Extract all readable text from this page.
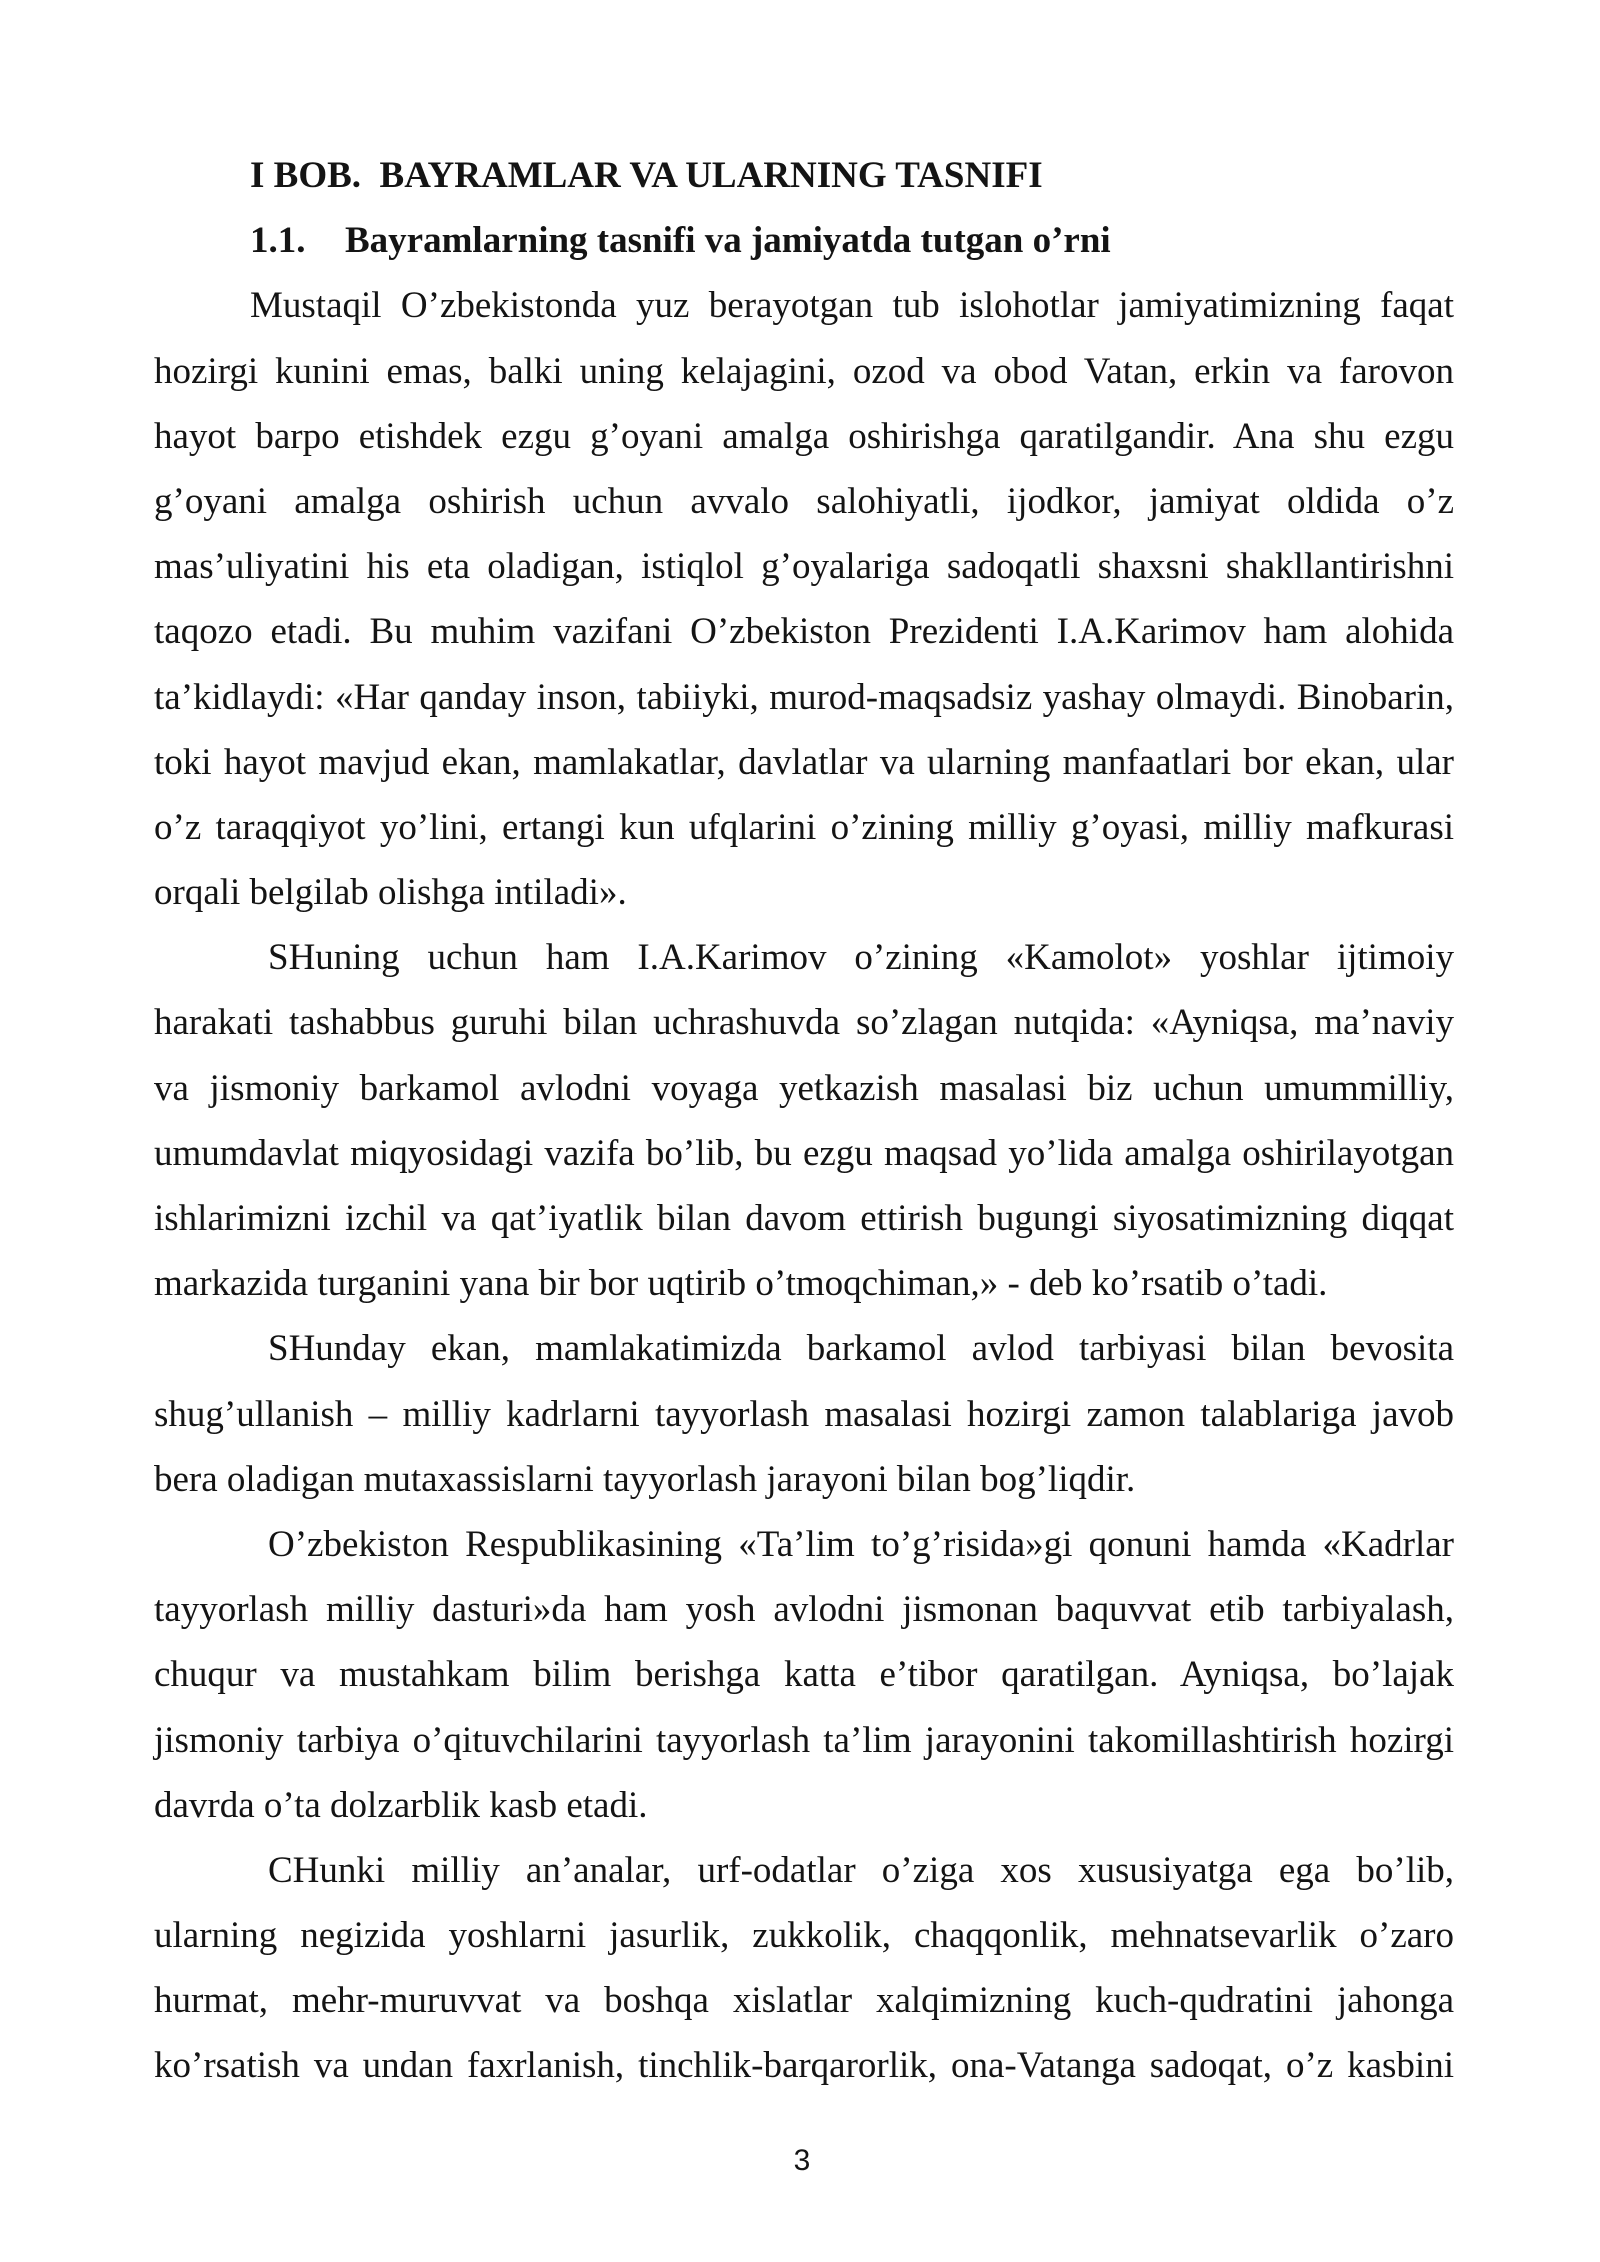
I BOB.  BAYRAMLAR VA ULARNING TASNIFI
1.1. Bayramlarning tasnifi va jamiyatda tutgan o’rni
Mustaqil O’zbekistonda yuz berayotgan tub islohotlar jamiyatimizning faqat
hozirgi kunini emas, balki uning kelajagini, ozod va obod Vatan, erkin va farovon
hayot barpo etishdek ezgu g’oyani amalga oshirishga qaratilgandir. Ana shu ezgu
g’oyani amalga oshirish uchun avvalo salohiyatli, ijodkor, jamiyat oldida o’z
mas’uliyatini his eta oladigan, istiqlol g’oyalariga sadoqatli shaxsni shakllantirishni
taqozo etadi. Bu muhim vazifani O’zbekiston Prezidenti I.A.Karimov ham alohida
ta’kidlaydi: «Har qanday inson, tabiiyki, murod-maqsadsiz yashay olmaydi. Binobarin,
toki hayot mavjud ekan, mamlakatlar, davlatlar va ularning manfaatlari bor ekan, ular
o’z taraqqiyot yo’lini, ertangi kun ufqlarini o’zining milliy g’oyasi, milliy mafkurasi
orqali belgilab olishga intiladi».
SHuning uchun ham I.A.Karimov o’zining «Kamolot» yoshlar ijtimoiy
harakati tashabbus guruhi bilan uchrashuvda so’zlagan nutqida: «Ayniqsa, ma’naviy
va jismoniy barkamol avlodni voyaga yetkazish masalasi biz uchun umummilliy,
umumdavlat miqyosidagi vazifa bo’lib, bu ezgu maqsad yo’lida amalga oshirilayotgan
ishlarimizni izchil va qat’iyatlik bilan davom ettirish bugungi siyosatimizning diqqat
markazida turganini yana bir bor uqtirib o’tmoqchiman,» - deb ko’rsatib o’tadi.
SHunday ekan, mamlakatimizda barkamol avlod tarbiyasi bilan bevosita
shug’ullanish – milliy kadrlarni tayyorlash masalasi hozirgi zamon talablariga javob
bera oladigan mutaxassislarni tayyorlash jarayoni bilan bog’liqdir.
O’zbekiston Respublikasining «Ta’lim to’g’risida»gi qonuni hamda «Kadrlar
tayyorlash milliy dasturi»da ham yosh avlodni jismonan baquvvat etib tarbiyalash,
chuqur va mustahkam bilim berishga katta e’tibor qaratilgan. Ayniqsa, bo’lajak
jismoniy tarbiya o’qituvchilarini tayyorlash ta’lim jarayonini takomillashtirish hozirgi
davrda o’ta dolzarblik kasb etadi.
CHunki milliy an’analar, urf-odatlar o’ziga xos xususiyatga ega bo’lib,
ularning negizida yoshlarni jasurlik, zukkolik, chaqqonlik, mehnatsevarlik o’zaro
hurmat, mehr-muruvvat va boshqa xislatlar xalqimizning kuch-qudratini jahonga
ko’rsatish va undan faxrlanish, tinchlik-barqarorlik, ona-Vatanga sadoqat, o’z kasbini
3
